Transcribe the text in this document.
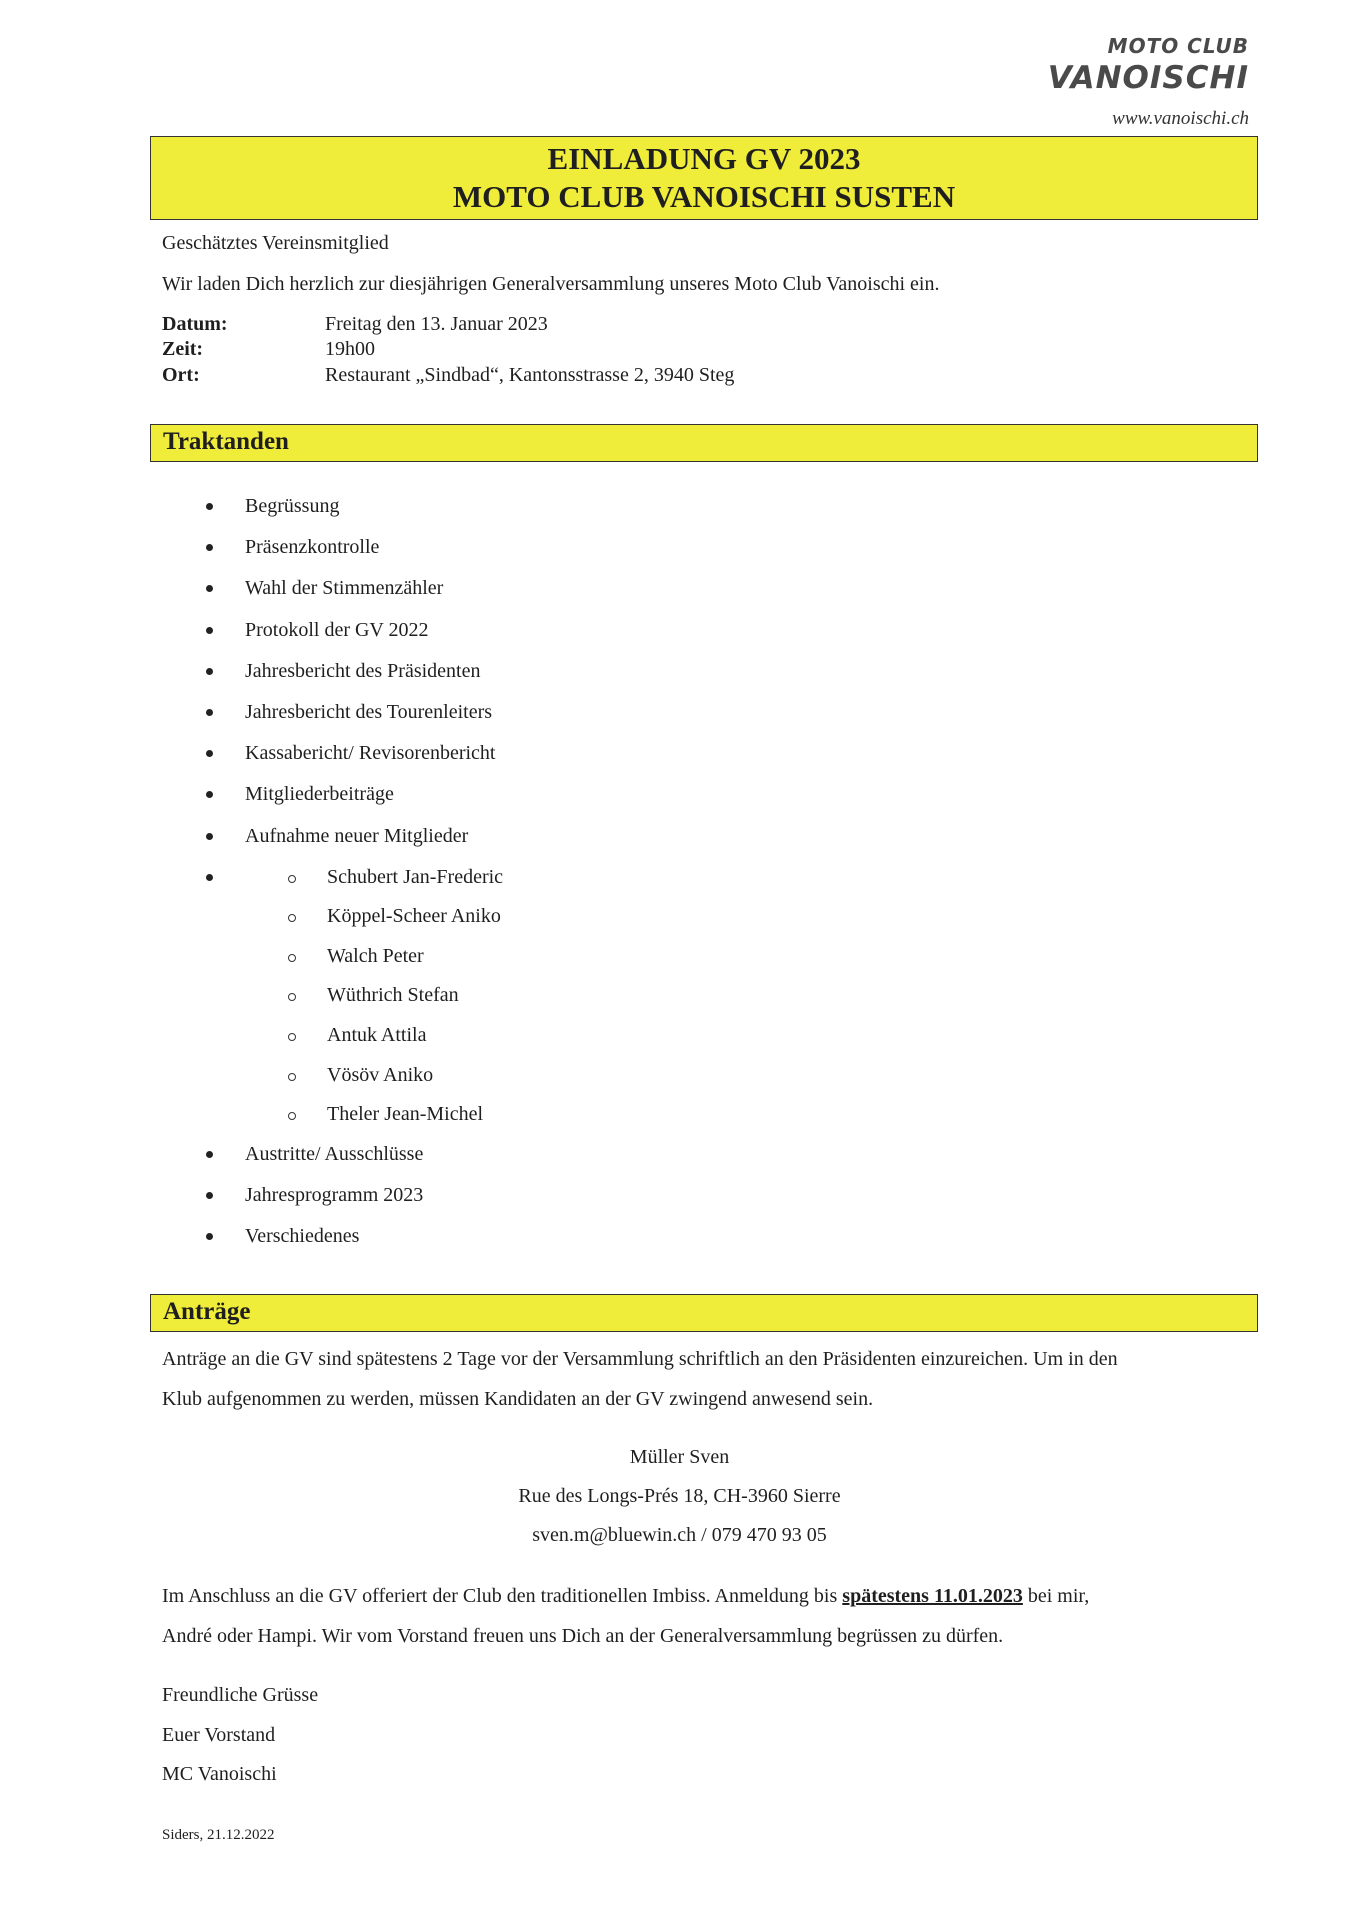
MOTO CLUB
VANOISCHI
www.vanoischi.ch
EINLADUNG GV 2023
MOTO CLUB VANOISCHI SUSTEN
Geschätztes Vereinsmitglied
Wir laden Dich herzlich zur diesjährigen Generalversammlung unseres Moto Club Vanoischi ein.
Datum:	Freitag den 13. Januar 2023
Zeit:	19h00
Ort:	Restaurant „Sindbad“, Kantonsstrasse 2, 3940 Steg
Traktanden
Begrüssung
Präsenzkontrolle
Wahl der Stimmenzähler
Protokoll der GV 2022
Jahresbericht des Präsidenten
Jahresbericht des Tourenleiters
Kassabericht/ Revisorenbericht
Mitgliederbeiträge
Aufnahme neuer Mitglieder
Schubert Jan-Frederic
Köppel-Scheer Aniko
Walch Peter
Wüthrich Stefan
Antuk Attila
Vösöv Aniko
Theler Jean-Michel
Austritte/ Ausschlüsse
Jahresprogramm 2023
Verschiedenes
Anträge
Anträge an die GV sind spätestens 2 Tage vor der Versammlung schriftlich an den Präsidenten einzureichen. Um in den
Klub aufgenommen zu werden, müssen Kandidaten an der GV zwingend anwesend sein.
Müller Sven
Rue des Longs-Prés 18, CH-3960 Sierre
sven.m@bluewin.ch / 079 470 93 05
Im Anschluss an die GV offeriert der Club den traditionellen Imbiss. Anmeldung bis spätestens 11.01.2023 bei mir,
André oder Hampi. Wir vom Vorstand freuen uns Dich an der Generalversammlung begrüssen zu dürfen.
Freundliche Grüsse
Euer Vorstand
MC Vanoischi
Siders, 21.12.2022
